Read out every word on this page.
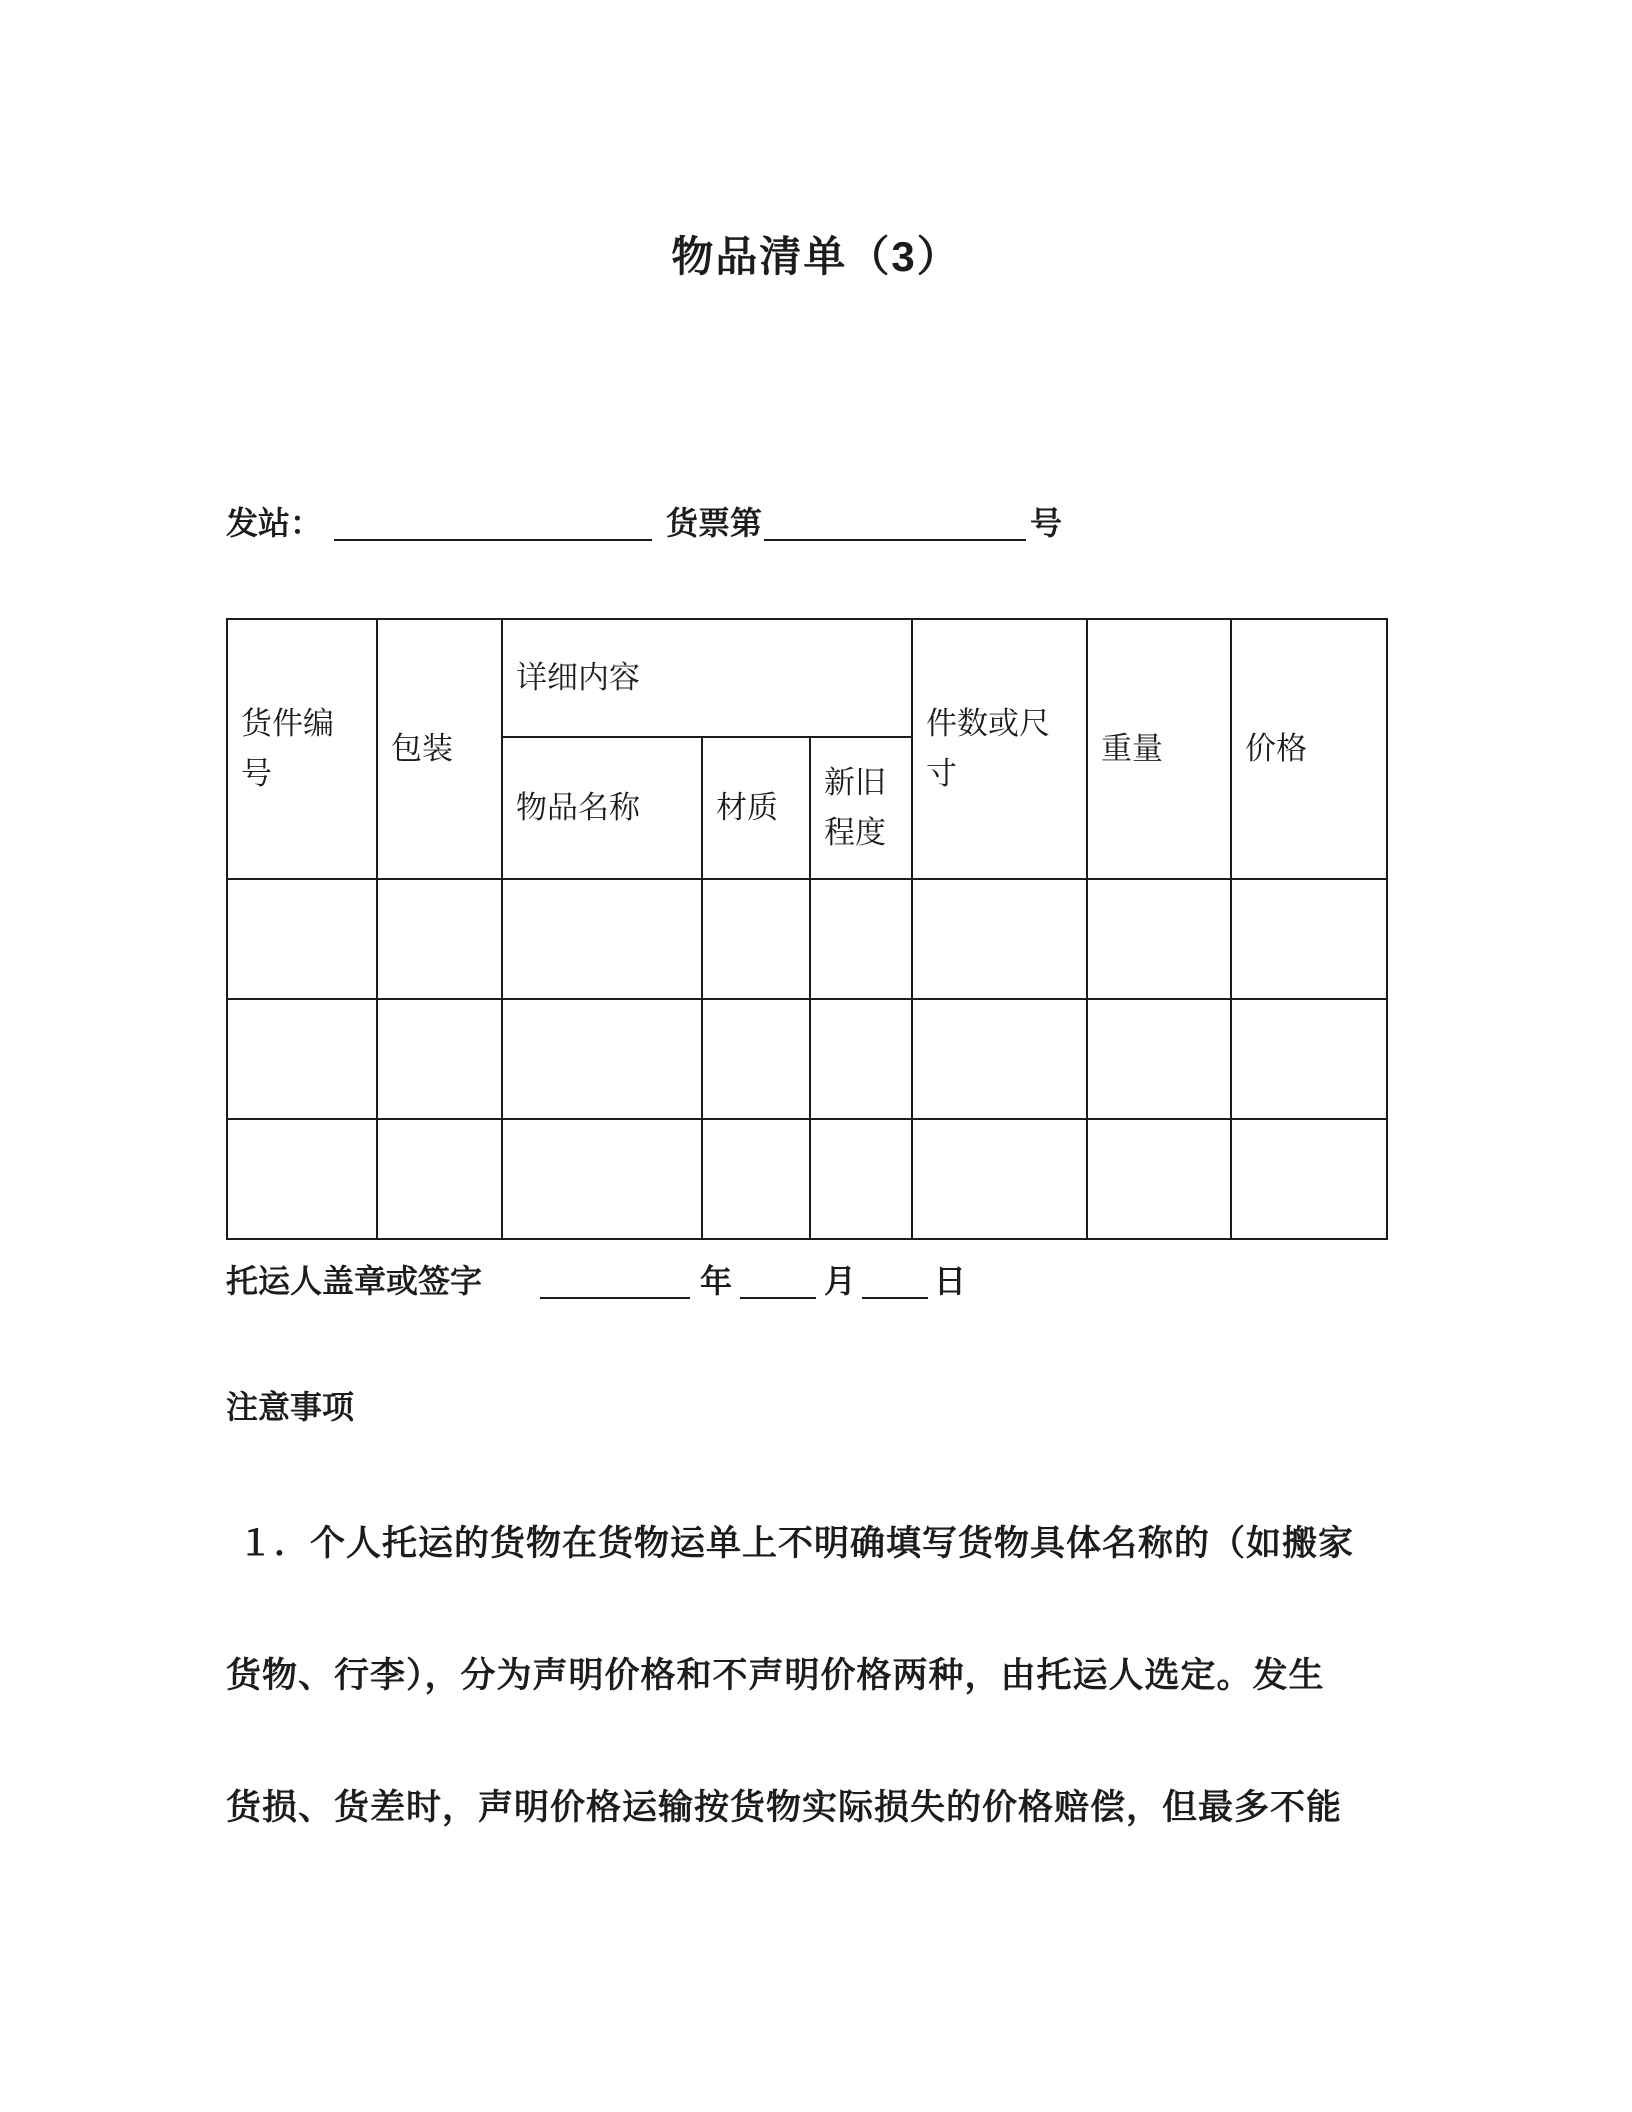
物品清单（3）
发站：	货票第	号
货件编号	包装	详细内容			件数或尺寸	重量	价格
		物品名称	材质	新旧程度			

托运人盖章或签字	年	月 日
注意事项
１．个人托运的货物在货物运单上不明确填写货物具体名称的（如搬家
货物、行李），分为声明价格和不声明价格两种，由托运人选定。发生
货损、货差时，声明价格运输按货物实际损失的价格赔偿，但最多不能
